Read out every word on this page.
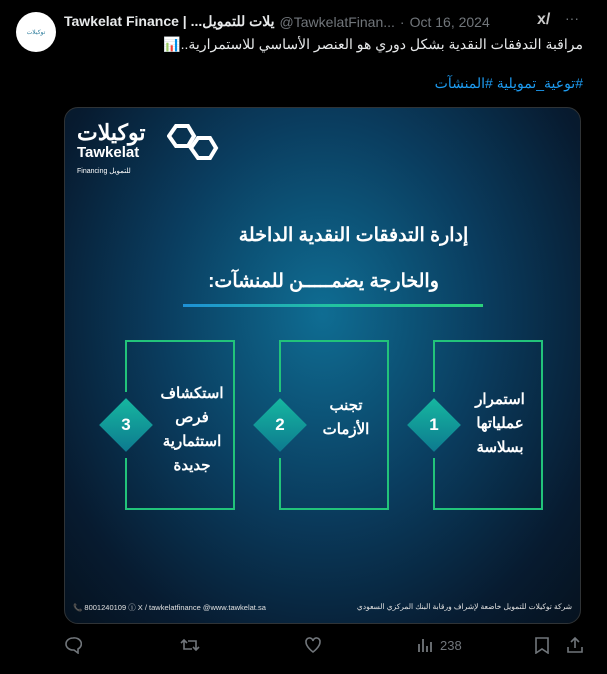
توكيلات
Tawkelat Finance | ...يلات للتمويل @TawkelatFinan... · Oct 16, 2024	x/ ···
مراقبة التدفقات النقدية بشكل دوري هو العنصر الأساسي للاستمرارية..📊
#توعية_تمويلية #المنشآت
توكيلات
Tawkelat
Financing للتمويل
إدارة التدفقات النقدية الداخلة
والخارجة يضمـــــن للمنشآت:
3
استكشاف فرص استثمارية جديدة
2
تجنب الأزمات	1
استمرار عملياتها بسلاسة
📞 8001240109 ⓘ X / tawkelatfinance @www.tawkelat.sa	شركة توكيلات للتمويل خاضعة لإشراف ورقابة البنك المركزي السعودي
238
